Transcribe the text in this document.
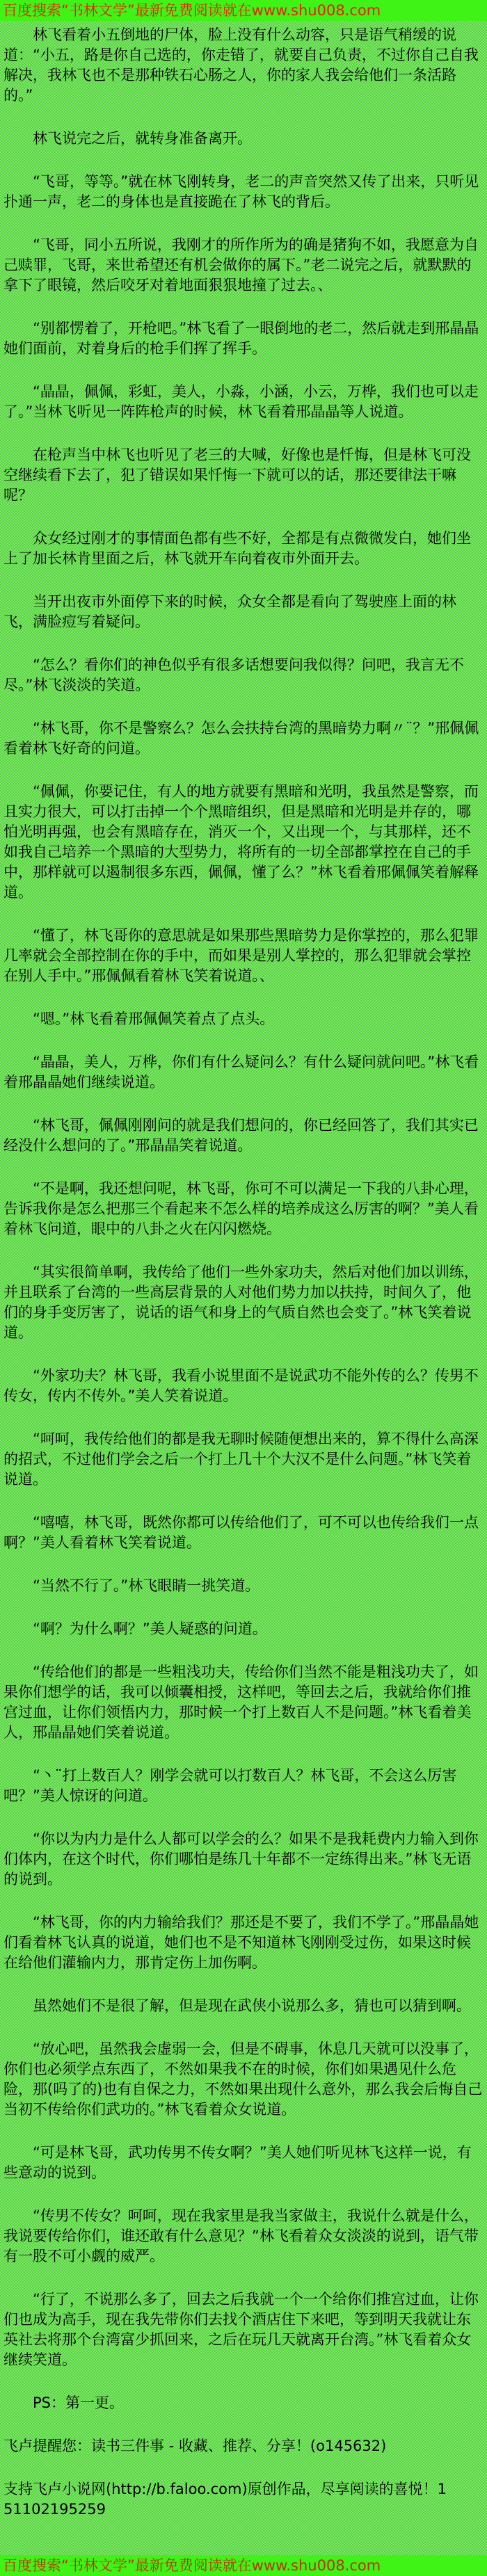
百度搜索“书林文学”最新免费阅读就在www.shu008.com

林飞看着小五倒地的尸体，脸上没有什么动容，只是语气稍缓的说道：“小五，路是你自己选的，你走错了，就要自己负责，不过你自己自我解决，我林飞也不是那种铁石心肠之人，你的家人我会给他们一条活路的。”

林飞说完之后，就转身准备离开。

“飞哥，等等。”就在林飞刚转身，老二的声音突然又传了出来，只听见扑通一声，老二的身体也是直接跪在了林飞的背后。

“飞哥，同小五所说，我刚才的所作所为的确是猪狗不如，我愿意为自己赎罪，飞哥，来世希望还有机会做你的属下。”老二说完之后，就默默的拿下了眼镜，然后咬牙对着地面狠狠地撞了过去。、

“别都愣着了，开枪吧。”林飞看了一眼倒地的老二，然后就走到邢晶晶她们面前，对着身后的枪手们挥了挥手。

“晶晶，佩佩，彩虹，美人，小淼，小涵，小云，万桦，我们也可以走了。”当林飞听见一阵阵枪声的时候，林飞看着邢晶晶等人说道。

在枪声当中林飞也听见了老三的大喊，好像也是忏悔，但是林飞可没空继续看下去了，犯了错误如果忏悔一下就可以的话，那还要律法干嘛呢？

众女经过刚才的事情面色都有些不好，全都是有点微微发白，她们坐上了加长林肯里面之后，林飞就开车向着夜市外面开去。

当开出夜市外面停下来的时候，众女全都是看向了驾驶座上面的林飞，满脸痘写着疑问。

“怎么？看你们的神色似乎有很多话想要问我似得？问吧，我言无不尽。”林飞淡淡的笑道。

“林飞哥，你不是警察么？怎么会扶持台湾的黑暗势力啊〃¨？”邢佩佩看着林飞好奇的问道。

“佩佩，你要记住，有人的地方就要有黑暗和光明，我虽然是警察，而且实力很大，可以打击掉一个个黑暗组织，但是黑暗和光明是并存的，哪怕光明再强，也会有黑暗存在，消灭一个，又出现一个，与其那样，还不如我自己培养一个黑暗的大型势力，将所有的一切全部都掌控在自己的手中，那样就可以遏制很多东西，佩佩，懂了么？”林飞看着邢佩佩笑着解释道。

“懂了，林飞哥你的意思就是如果那些黑暗势力是你掌控的，那么犯罪几率就会全部控制在你的手中，而如果是别人掌控的，那么犯罪就会掌控在别人手中。”邢佩佩看着林飞笑着说道。、

“嗯。”林飞看着邢佩佩笑着点了点头。

“晶晶，美人，万桦，你们有什么疑问么？有什么疑问就问吧。”林飞看着邢晶晶她们继续说道。

“林飞哥，佩佩刚刚问的就是我们想问的，你已经回答了，我们其实已经没什么想问的了。”邢晶晶笑着说道。

“不是啊，我还想问呢，林飞哥，你可不可以满足一下我的八卦心理，告诉我你是怎么把那三个看起来不怎么样的培养成这么厉害的啊？”美人看着林飞问道，眼中的八卦之火在闪闪燃烧。

“其实很简单啊，我传给了他们一些外家功夫，然后对他们加以训练，并且联系了台湾的一些高层背景的人对他们势力加以扶持，时间久了，他们的身手变厉害了，说话的语气和身上的气质自然也会变了。”林飞笑着说道。

“外家功夫？林飞哥，我看小说里面不是说武功不能外传的么？传男不传女，传内不传外。”美人笑着说道。

“呵呵，我传给他们的都是我无聊时候随便想出来的，算不得什么高深的招式，不过他们学会之后一个打上几十个大汉不是什么问题。”林飞笑着说道。

“嘻嘻，林飞哥，既然你都可以传给他们了，可不可以也传给我们一点啊？”美人看着林飞笑着说道。

“当然不行了。”林飞眼睛一挑笑道。

“啊？为什么啊？”美人疑惑的问道。

“传给他们的都是一些粗浅功夫，传给你们当然不能是粗浅功夫了，如果你们想学的话，我可以倾囊相授，这样吧，等回去之后，我就给你们推宫过血，让你们领悟内力，那时候一个打上数百人不是问题。”林飞看着美人，邢晶晶她们笑着说道。

“丶¨打上数百人？刚学会就可以打数百人？林飞哥，不会这么厉害吧？”美人惊讶的问道。

“你以为内力是什么人都可以学会的么？如果不是我耗费内力输入到你们体内，在这个时代，你们哪怕是练几十年都不一定练得出来。”林飞无语的说到。

“林飞哥，你的内力输给我们？那还是不要了，我们不学了。”邢晶晶她们看着林飞认真的说道，她们也不是不知道林飞刚刚受过伤，如果这时候在给他们灌输内力，那肯定伤上加伤啊。

虽然她们不是很了解，但是现在武侠小说那么多，猜也可以猜到啊。

“放心吧，虽然我会虚弱一会，但是不碍事，休息几天就可以没事了，你们也必须学点东西了，不然如果我不在的时候，你们如果遇见什么危险，那(吗了的)也有自保之力，不然如果出现什么意外，那么我会后悔自己当初不传给你们武功的。”林飞看着众女说道。

“可是林飞哥，武功传男不传女啊？”美人她们听见林飞这样一说，有些意动的说到。

“传男不传女？呵呵，现在我家里是我当家做主，我说什么就是什么，我说要传给你们，谁还敢有什么意见？”林飞看着众女淡淡的说到，语气带有一股不可小觑的威严。

“行了，不说那么多了，回去之后我就一个一个给你们推宫过血，让你们也成为高手，现在我先带你们去找个酒店住下来吧，等到明天我就让东英社去将那个台湾富少抓回来，之后在玩几天就离开台湾。”林飞看着众女继续笑道。

PS：第一更。

飞卢提醒您：读书三件事 - 收藏、推荐、分享！(o145632)

支持飞卢小说网(http://b.faloo.com)原创作品，尽享阅读的喜悦！1
51102195259

百度搜索“书林文学”最新免费阅读就在www.shu008.com
